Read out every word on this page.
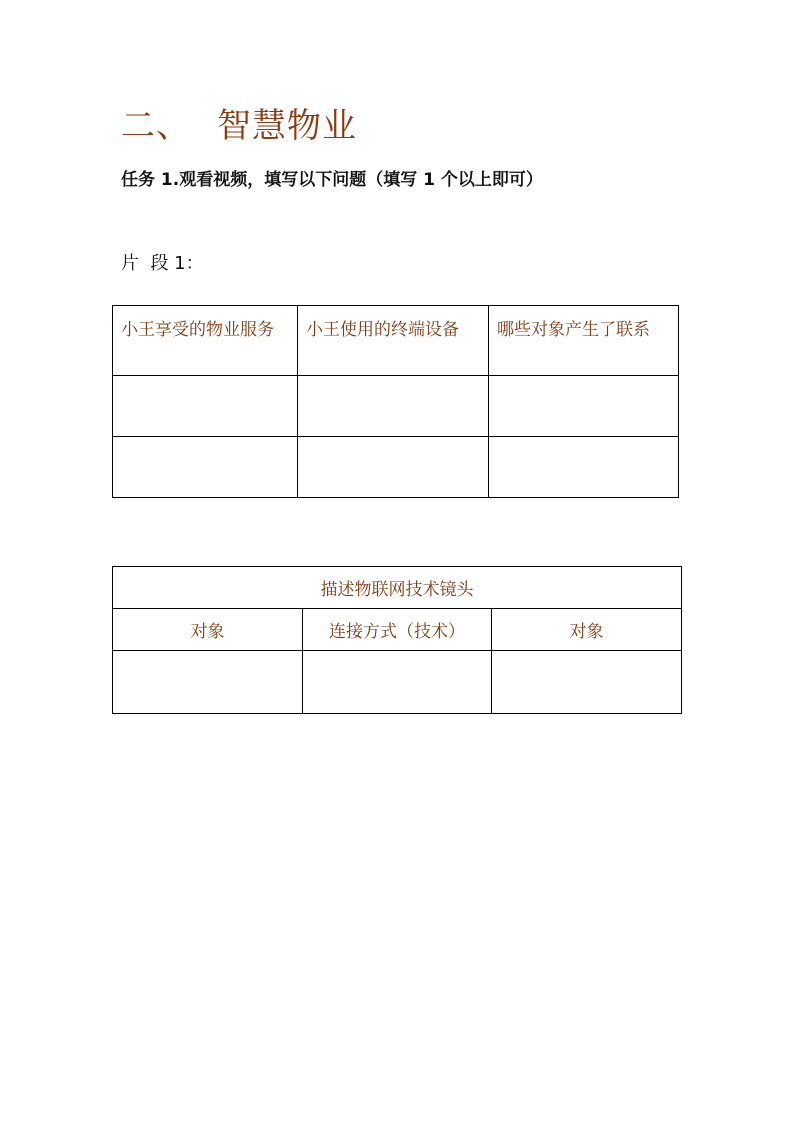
二、 智慧物业
任务 1.观看视频，填写以下问题（填写 1 个以上即可）
片  段 1：
小王享受的物业服务	小王使用的终端设备	哪些对象产生了联系

描述物联网技术镜头		
对象	连接方式（技术）	对象
